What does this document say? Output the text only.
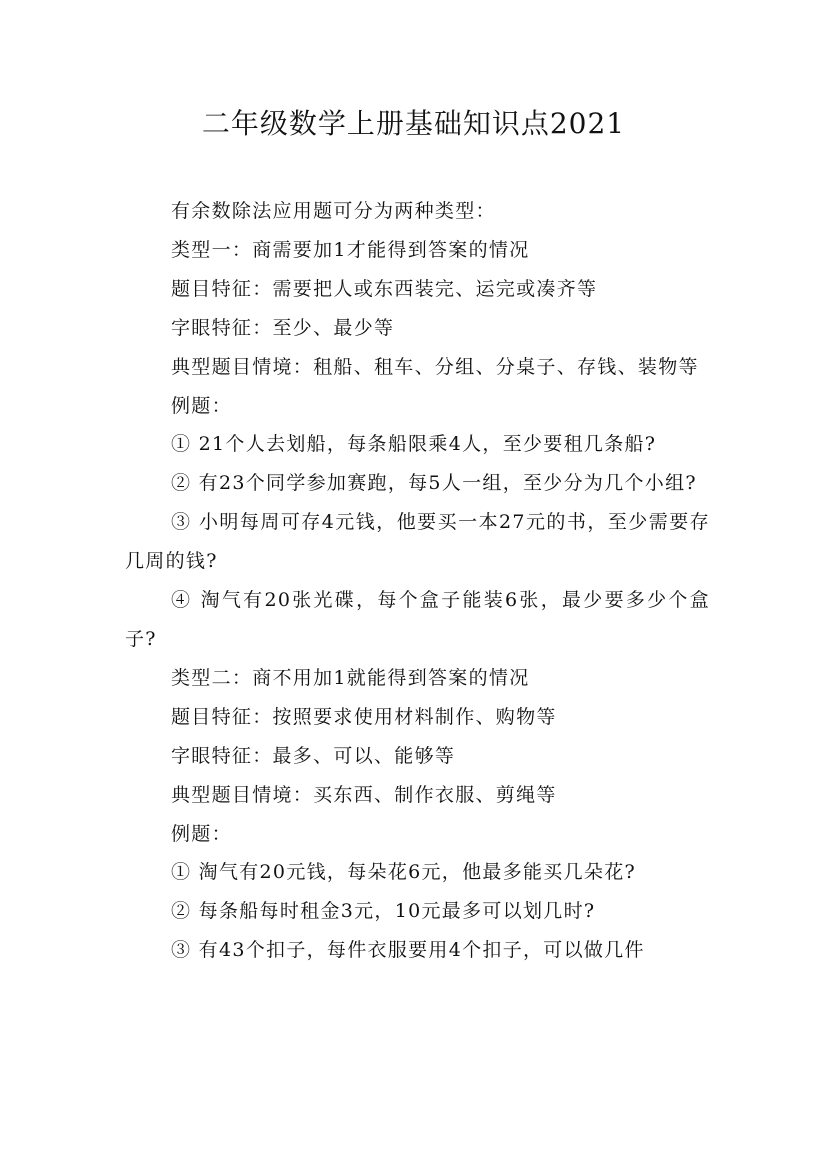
二年级数学上册基础知识点2021

有余数除法应用题可分为两种类型：

类型一：商需要加1才能得到答案的情况

题目特征：需要把人或东西装完、运完或凑齐等

字眼特征：至少、最少等

典型题目情境：租船、租车、分组、分桌子、存钱、装物等

例题：

① 21个人去划船，每条船限乘4人，至少要租几条船?

② 有23个同学参加赛跑，每5人一组，至少分为几个小组?

③ 小明每周可存4元钱，他要买一本27元的书，至少需要存几周的钱?

④ 淘气有20张光碟，每个盒子能装6张，最少要多少个盒子?

类型二：商不用加1就能得到答案的情况

题目特征：按照要求使用材料制作、购物等

字眼特征：最多、可以、能够等

典型题目情境：买东西、制作衣服、剪绳等

例题：

① 淘气有20元钱，每朵花6元，他最多能买几朵花?

② 每条船每时租金3元，10元最多可以划几时?

③ 有43个扣子，每件衣服要用4个扣子，可以做几件
